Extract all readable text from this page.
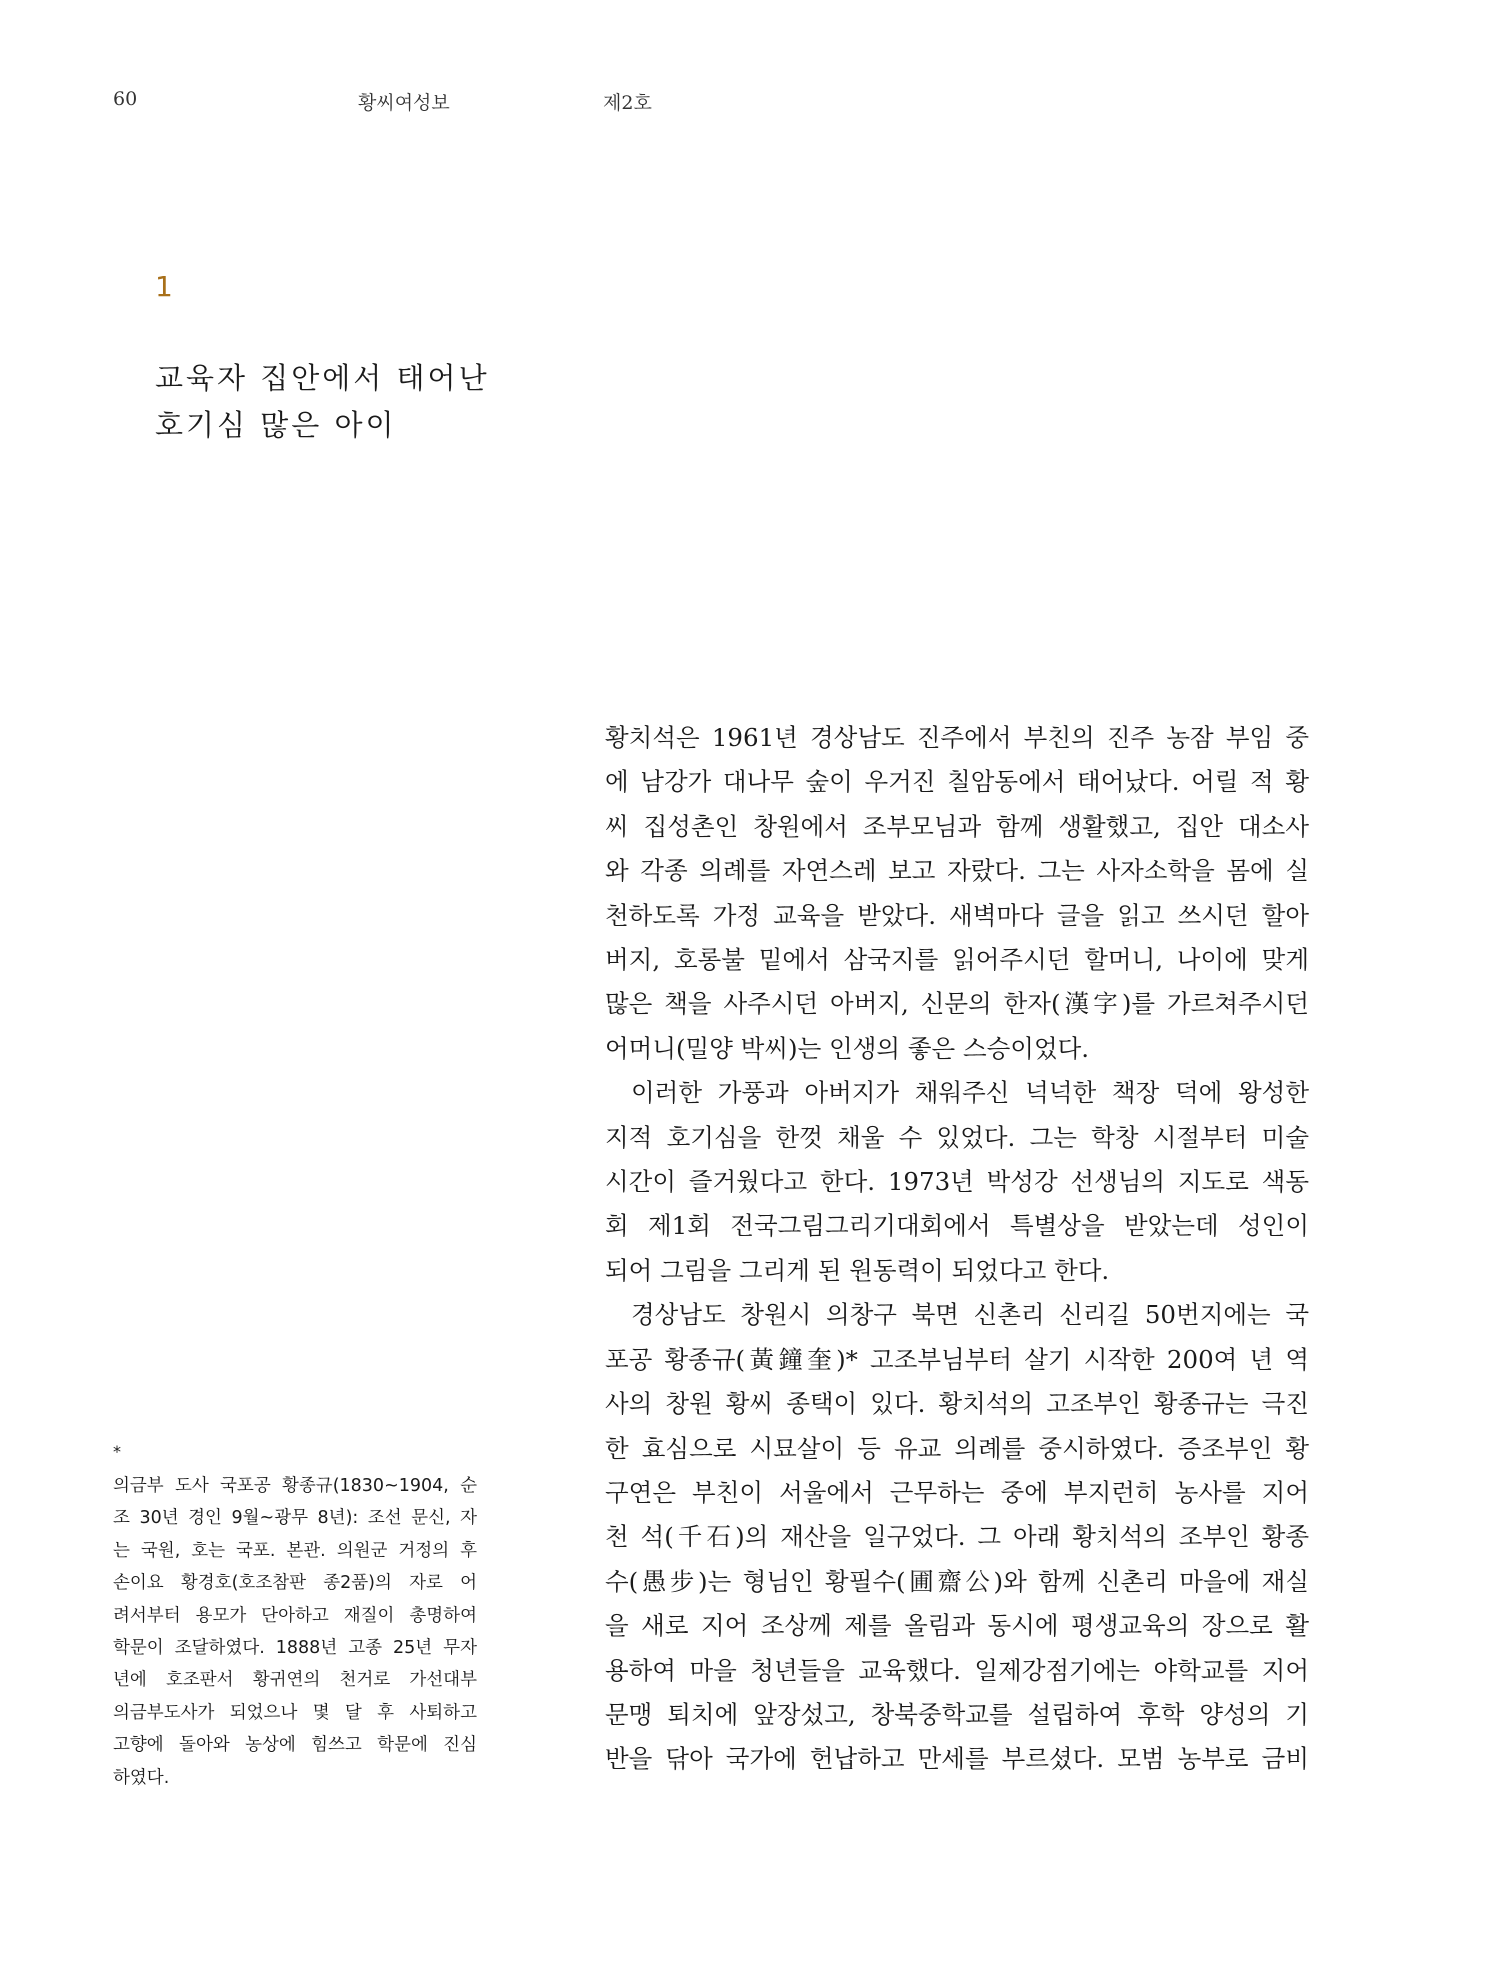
60	황씨여성보	제2호
1
교육자 집안에서 태어난
호기심 많은 아이
*
의금부 도사 국포공 황종규(1830~1904, 순
조 30년 경인 9월~광무 8년): 조선 문신, 자
는 국원, 호는 국포. 본관. 의원군 거정의 후
손이요 황경호(호조참판 종2품)의 자로 어
려서부터 용모가 단아하고 재질이 총명하여
학문이 조달하였다. 1888년 고종 25년 무자
년에 호조판서 황귀연의 천거로 가선대부
의금부도사가 되었으나 몇 달 후 사퇴하고
고향에 돌아와 농상에 힘쓰고 학문에 진심
하였다.
황치석은 1961년 경상남도 진주에서 부친의 진주 농잠 부임 중
에 남강가 대나무 숲이 우거진 칠암동에서 태어났다. 어릴 적 황
씨 집성촌인 창원에서 조부모님과 함께 생활했고, 집안 대소사
와 각종 의례를 자연스레 보고 자랐다. 그는 사자소학을 몸에 실
천하도록 가정 교육을 받았다. 새벽마다 글을 읽고 쓰시던 할아
버지, 호롱불 밑에서 삼국지를 읽어주시던 할머니, 나이에 맞게
많은 책을 사주시던 아버지, 신문의 한자(漢字)를 가르쳐주시던
어머니(밀양 박씨)는 인생의 좋은 스승이었다.
이러한 가풍과 아버지가 채워주신 넉넉한 책장 덕에 왕성한
지적 호기심을 한껏 채울 수 있었다. 그는 학창 시절부터 미술
시간이 즐거웠다고 한다. 1973년 박성강 선생님의 지도로 색동
회 제1회 전국그림그리기대회에서 특별상을 받았는데 성인이
되어 그림을 그리게 된 원동력이 되었다고 한다.
경상남도 창원시 의창구 북면 신촌리 신리길 50번지에는 국
포공 황종규(黃鐘奎)* 고조부님부터 살기 시작한 200여 년 역
사의 창원 황씨 종택이 있다. 황치석의 고조부인 황종규는 극진
한 효심으로 시묘살이 등 유교 의례를 중시하였다. 증조부인 황
구연은 부친이 서울에서 근무하는 중에 부지런히 농사를 지어
천 석(千石)의 재산을 일구었다. 그 아래 황치석의 조부인 황종
수(愚步)는 형님인 황필수(圃齋公)와 함께 신촌리 마을에 재실
을 새로 지어 조상께 제를 올림과 동시에 평생교육의 장으로 활
용하여 마을 청년들을 교육했다. 일제강점기에는 야학교를 지어
문맹 퇴치에 앞장섰고, 창북중학교를 설립하여 후학 양성의 기
반을 닦아 국가에 헌납하고 만세를 부르셨다. 모범 농부로 금비
